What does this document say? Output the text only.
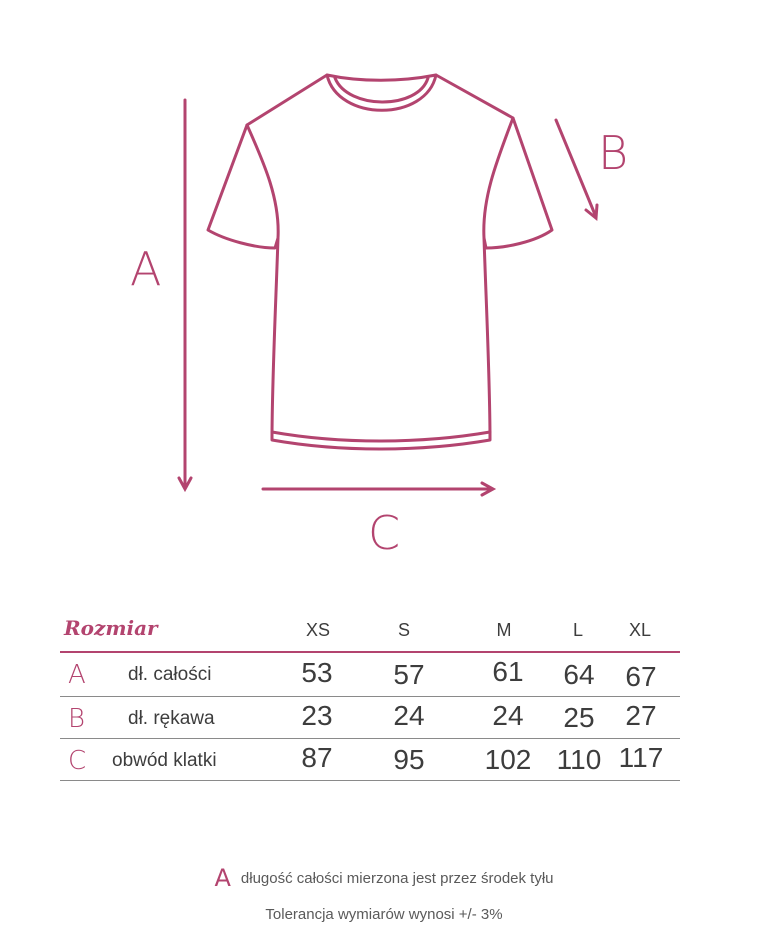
A
B
C
Rozmiar	XS	S	M	L	XL
A dł. całości	53	57	61	64	67
B dł. rękawa	23	24	24	25	27
C obwód klatki	87	95	102 110 117
Adługość całości mierzona jest przez środek tyłu
Tolerancja wymiarów wynosi +/- 3%
